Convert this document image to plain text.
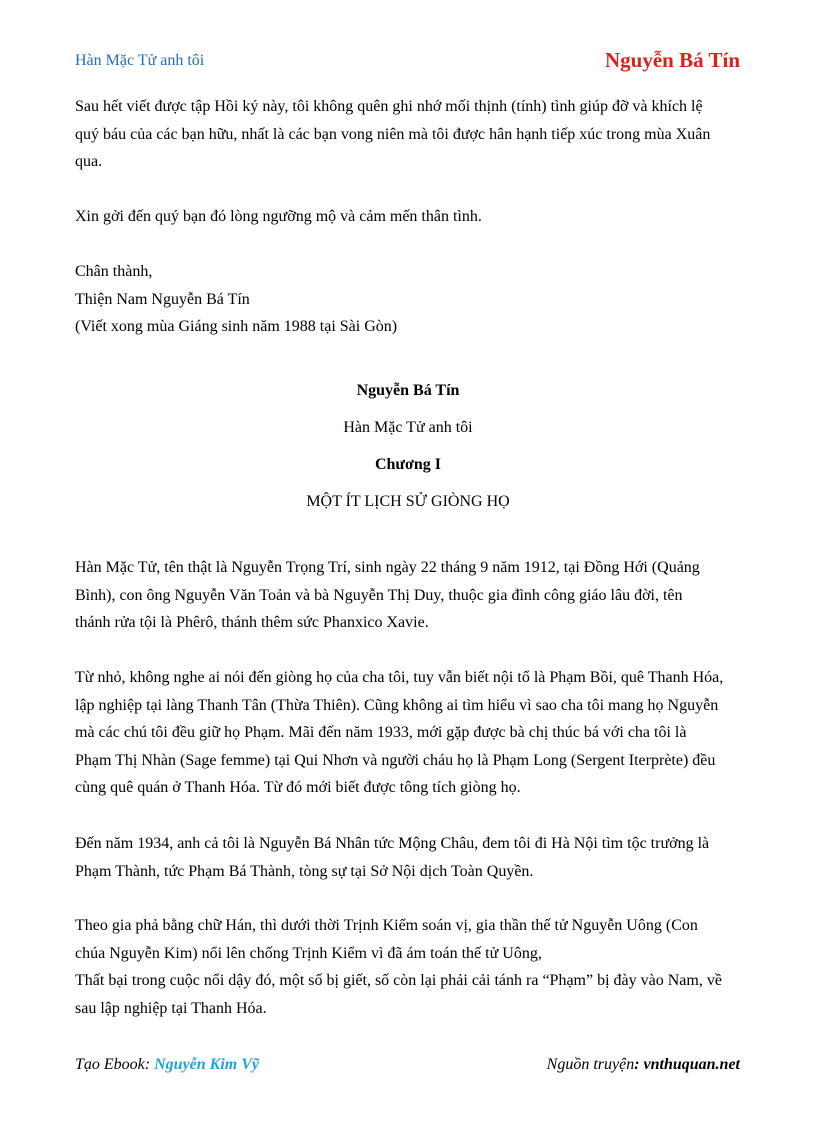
Hàn Mặc Tử anh tôi	Nguyễn Bá Tín

Sau hết viết được tập Hồi ký này, tôi không quên ghi nhớ mối thịnh (tính) tình giúp đỡ và khích lệ

quý báu của các bạn hữu, nhất là các bạn vong niên mà tôi được hân hạnh tiếp xúc trong mùa Xuân

qua.

Xin gởi đến quý bạn đó lòng ngưỡng mộ và cảm mến thân tình.

Chân thành,

Thiện Nam Nguyễn Bá Tín

(Viết xong mùa Giáng sinh năm 1988 tại Sài Gòn)

Nguyễn Bá Tín
Hàn Mặc Tử anh tôi
Chương I
MỘT ÍT LỊCH SỬ GIÒNG HỌ

Hàn Mặc Tử, tên thật là Nguyễn Trọng Trí, sinh ngày 22 tháng 9 năm 1912, tại Đồng Hới (Quảng

Bình), con ông Nguyễn Văn Toản và bà Nguyễn Thị Duy, thuộc gia đình công giáo lâu đời, tên

thánh rửa tội là Phêrô, thánh thêm sức Phanxico Xavie.

Từ nhỏ, không nghe ai nói đến giòng họ của cha tôi, tuy vẫn biết nội tổ là Phạm Bồi, quê Thanh Hóa,

lập nghiệp tại làng Thanh Tân (Thừa Thiên). Cũng không ai tìm hiểu vì sao cha tôi mang họ Nguyễn

mà các chú tôi đều giữ họ Phạm. Mãi đến năm 1933, mới gặp được bà chị thúc bá với cha tôi là

Phạm Thị Nhàn (Sage femme) tại Qui Nhơn và người cháu họ là Phạm Long (Sergent Iterprète) đều

cùng quê quán ở Thanh Hóa. Từ đó mới biết được tông tích giòng họ.

Đến năm 1934, anh cả tôi là Nguyễn Bá Nhân tức Mộng Châu, đem tôi đi Hà Nội tìm tộc trưởng là

Phạm Thành, tức Phạm Bá Thành, tòng sự tại Sở Nội dịch Toàn Quyền.

Theo gia phả bằng chữ Hán, thì dưới thời Trịnh Kiểm soán vị, gia thần thế tử Nguyễn Uông (Con

chúa Nguyễn Kim) nổi lên chống Trịnh Kiểm vì đã ám toán thế tử Uông,

Thất bại trong cuộc nổi dậy đó, một số bị giết, số còn lại phải cải tánh ra “Phạm” bị đày vào Nam, về

sau lập nghiệp tại Thanh Hóa.

Tạo Ebook: Nguyễn Kim Vỹ	Nguồn truyện: vnthuquan.net
